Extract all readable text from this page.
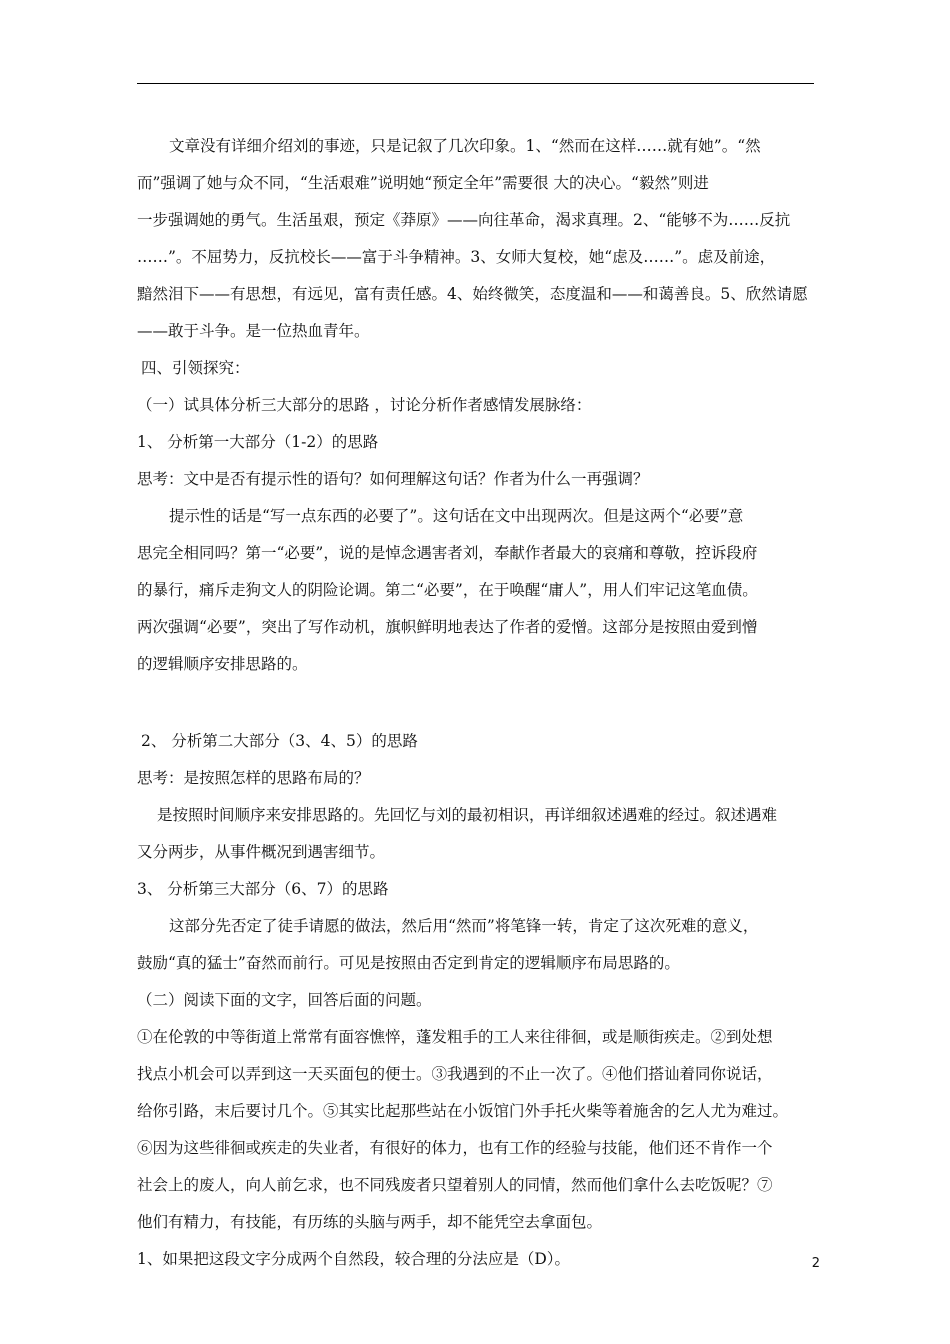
文章没有详细介绍刘的事迹，只是记叙了几次印象。1、“然而在这样……就有她”。“然
而”强调了她与众不同，“生活艰难”说明她“预定全年”需要很 大的决心。“毅然”则进
一步强调她的勇气。生活虽艰，预定《莽原》——向往革命，渴求真理。2、“能够不为……反抗
……”。不屈势力，反抗校长——富于斗争精神。3、女师大复校，她“虑及……”。虑及前途，
黯然泪下——有思想，有远见，富有责任感。4、始终微笑，态度温和——和蔼善良。5、欣然请愿
——敢于斗争。是一位热血青年。
四、引领探究：
（一）试具体分析三大部分的思路 ，讨论分析作者感情发展脉络：
1、 分析第一大部分（1-2）的思路
思考：文中是否有提示性的语句？如何理解这句话？作者为什么一再强调？
提示性的话是“写一点东西的必要了”。这句话在文中出现两次。但是这两个“必要”意
思完全相同吗？第一“必要”，说的是悼念遇害者刘，奉献作者最大的哀痛和尊敬，控诉段府
的暴行，痛斥走狗文人的阴险论调。第二“必要”，在于唤醒“庸人”，用人们牢记这笔血债。
两次强调“必要”，突出了写作动机，旗帜鲜明地表达了作者的爱憎。这部分是按照由爱到憎
的逻辑顺序安排思路的。
2、 分析第二大部分（3、4、5）的思路
思考：是按照怎样的思路布局的？
是按照时间顺序来安排思路的。先回忆与刘的最初相识，再详细叙述遇难的经过。叙述遇难
又分两步，从事件概况到遇害细节。
3、 分析第三大部分（6、7）的思路
这部分先否定了徒手请愿的做法，然后用“然而”将笔锋一转，肯定了这次死难的意义，
鼓励“真的猛士”奋然而前行。可见是按照由否定到肯定的逻辑顺序布局思路的。
（二）阅读下面的文字，回答后面的问题。
①在伦敦的中等街道上常常有面容憔悴，蓬发粗手的工人来往徘徊，或是顺街疾走。②到处想
找点小机会可以弄到这一天买面包的便士。③我遇到的不止一次了。④他们搭讪着同你说话，
给你引路，末后要讨几个。⑤其实比起那些站在小饭馆门外手托火柴等着施舍的乞人尤为难过。
⑥因为这些徘徊或疾走的失业者，有很好的体力，也有工作的经验与技能，他们还不肯作一个
社会上的废人，向人前乞求，也不同残废者只望着别人的同情，然而他们拿什么去吃饭呢？⑦
他们有精力，有技能，有历练的头脑与两手，却不能凭空去拿面包。
1、如果把这段文字分成两个自然段，较合理的分法应是（D）。	2
